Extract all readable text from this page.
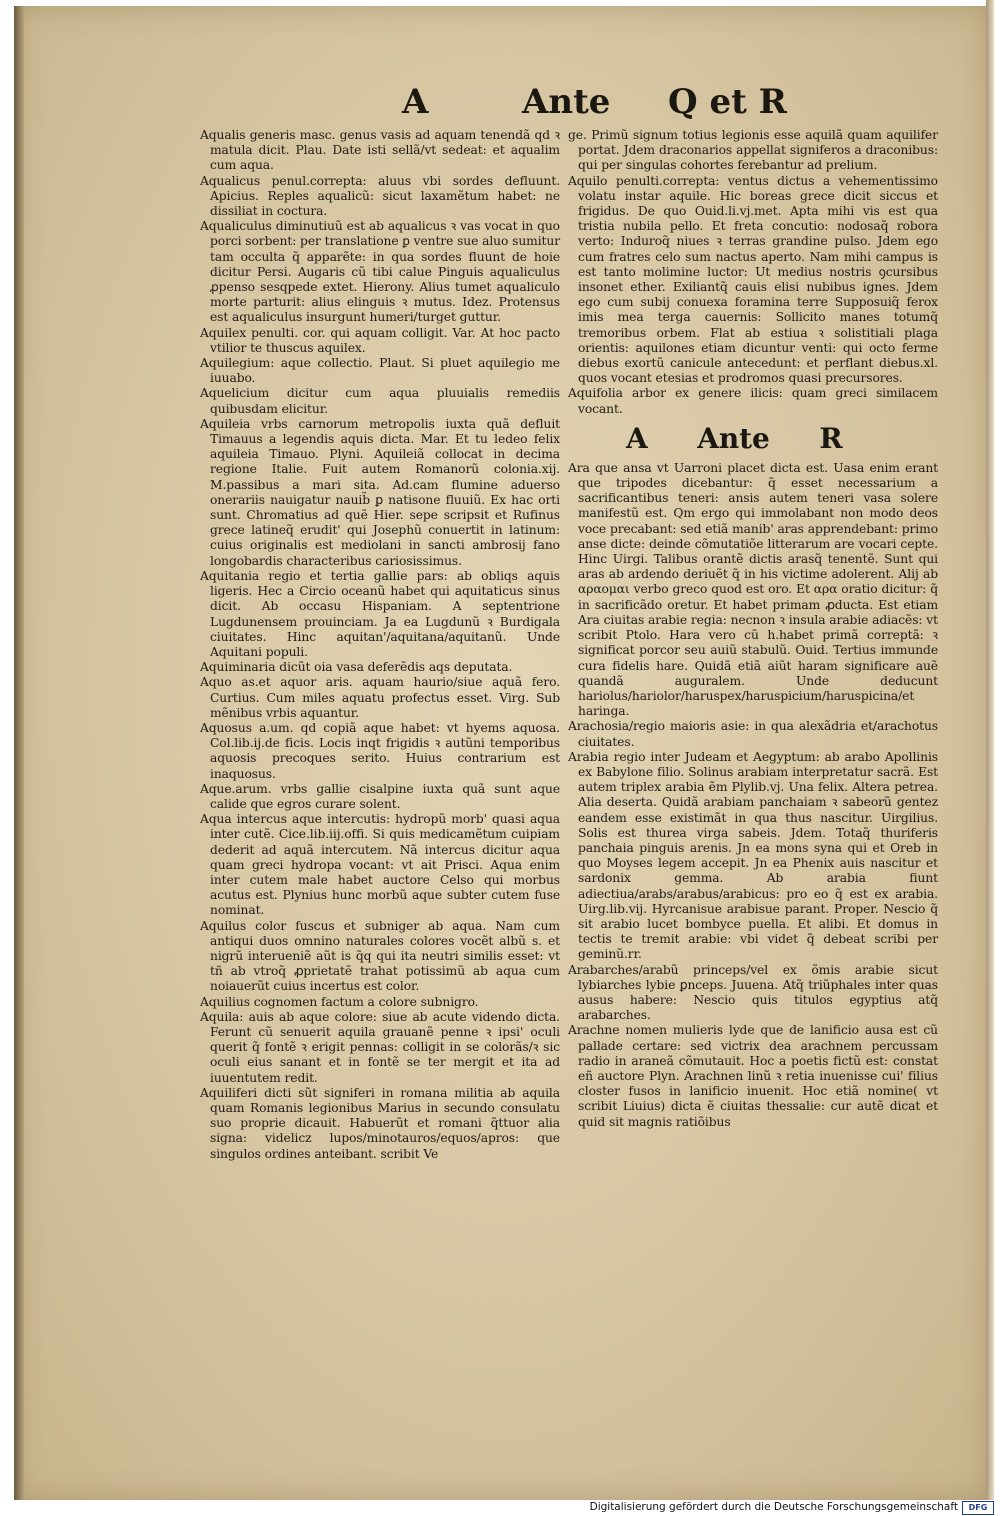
A	Ante Q et R

Aqualis generis masc. genus vasis ad aquam tenendã qd ꝛ matula dicit. Plau. Date isti sellã/vt sedeat: et aqualim cum aqua.

Aqualicus penul.correpta: aluus vbi sordes defluunt. Apicius. Reples aqualicũ: sicut laxamẽtum habet: ne dissiliat in coctura.

Aqualiculus diminutiuũ est ab aqualicus ꝛ vas vocat in quo porci sorbent: per translatione ꝑ ventre sue aluo sumitur tam occulta q̃ apparẽte: in qua sordes fluunt de hoie dicitur Persi. Augaris cũ tibi calue Pinguis aqualiculus ꝓpenso sesqpede extet. Hierony. Alius tumet aqualiculo morte parturit: alius elinguis ꝛ mutus. Idez. Protensus est aqualiculus insurgunt humeri/turget guttur.

Aquilex penulti. cor. qui aquam colligit. Var. At hoc pacto vtilior te thuscus aquilex.

Aquilegium: aque collectio. Plaut. Si pluet aquilegio me iuuabo.

Aquelicium dicitur cum aqua pluuialis remediis quibusdam elicitur.

Aquileia vrbs carnorum metropolis iuxta quã defluit Timauus a legendis aquis dicta. Mar. Et tu ledeo felix aquileia Timauo. Plyni. Aquileiã collocat in decima regione Italie. Fuit autem Romanorũ colonia.xij. M.passibus a mari sita. Ad.cam flumine aduerso onerariis nauigatur nauib̃ ꝑ natisone fluuiũ. Ex hac orti sunt. Chromatius ad quẽ Hier. sepe scripsit et Rufinus grece latineq̃ erudit' qui Josephũ conuertit in latinum: cuius originalis est mediolani in sancti ambrosij fano longobardis characteribus cariosissimus.

Aquitania regio et tertia gallie pars: ab obliqs aquis ligeris. Hec a Circio oceanũ habet qui aquitaticus sinus dicit. Ab occasu Hispaniam. A septentrione Lugdunensem prouinciam. Ja ea Lugdunũ ꝛ Burdigala ciuitates. Hinc aquitan'/aquitana/aquitanũ. Unde Aquitani populi.

Aquiminaria dicũt oia vasa deferẽdis aqs deputata.

Aquo as.et aquor aris. aquam haurio/siue aquã fero. Curtius. Cum miles aquatu profectus esset. Virg. Sub mẽnibus vrbis aquantur.

Aquosus a.um. qd copiã aque habet: vt hyems aquosa. Col.lib.ij.de ficis. Locis inqt frigidis ꝛ autũni temporibus aquosis precoques serito. Huius contrarium est inaquosus.

Aque.arum. vrbs gallie cisalpine iuxta quã sunt aque calide que egros curare solent.

Aqua intercus aque intercutis: hydropũ morb' quasi aqua inter cutẽ. Cice.lib.iij.offi. Si quis medicamẽtum cuipiam dederit ad aquã intercutem. Nã intercus dicitur aqua quam greci hydropa vocant: vt ait Prisci. Aqua enim inter cutem male habet auctore Celso qui morbus acutus est. Plynius hunc morbũ aque subter cutem fuse nominat.

Aquilus color fuscus et subniger ab aqua. Nam cum antiqui duos omnino naturales colores vocẽt albũ s. et nigrũ interueniẽ aũt is q̃q qui ita neutri similis esset: vt tñ ab vtroq̃ ꝓprietatẽ trahat potissimũ ab aqua cum noiauerũt cuius incertus est color.

Aquilius cognomen factum a colore subnigro.

Aquila: auis ab aque colore: siue ab acute videndo dicta. Ferunt cũ senuerit aquila grauanẽ penne ꝛ ipsi' oculi querit q̃ fontẽ ꝛ erigit pennas: colligit in se colorãs/ꝛ sic oculi eius sanant et in fontẽ se ter mergit et ita ad iuuentutem redit.

Aquiliferi dicti sũt signiferi in romana militia ab aquila quam Romanis legionibus Marius in secundo consulatu suo proprie dicauit. Habuerũt et romani q̃ttuor alia signa: videlicz lupos/minotauros/equos/apros: que singulos ordines anteibant. scribit Ve

ge. Primũ signum totius legionis esse aquilã quam aquilifer portat. Jdem draconarios appellat signiferos a draconibus: qui per singulas cohortes ferebantur ad prelium.

Aquilo penulti.correpta: ventus dictus a vehementissimo volatu instar aquile. Hic boreas grece dicit siccus et frigidus. De quo Ouid.li.vj.met. Apta mihi vis est qua tristia nubila pello. Et freta concutio: nodosaq̃ robora verto: Induroq̃ niues ꝛ terras grandine pulso. Jdem ego cum fratres celo sum nactus aperto. Nam mihi campus is est tanto molimine luctor: Ut medius nostris ꝯcursibus insonet ether. Exiliantq̃ cauis elisi nubibus ignes. Jdem ego cum subij conuexa foramina terre Supposuiq̃ ferox imis mea terga cauernis: Sollicito manes totumq̃ tremoribus orbem. Flat ab estiua ꝛ solistitiali plaga orientis: aquilones etiam dicuntur venti: qui octo ferme diebus exortũ canicule antecedunt: et perflant diebus.xl. quos vocant etesias et prodromos quasi precursores.

Aquifolia arbor ex genere ilicis: quam greci similacem vocant.

A Ante R

Ara que ansa vt Uarroni placet dicta est. Uasa enim erant que tripodes dicebantur: q̃ esset necessarium a sacrificantibus teneri: ansis autem teneri vasa solere manifestũ est. Qm ergo qui immolabant non modo deos voce precabant: sed etiã manib' aras apprendebant: primo anse dicte: deinde cõmutatiõe litterarum are vocari cepte. Hinc Uirgi. Talibus orantẽ dictis arasq̃ tenentẽ. Sunt qui aras ab ardendo deriuẽt q̃ in his victime adolerent. Alij ab αραομαι verbo greco quod est oro. Et αρα oratio dicitur: q̃ in sacrificãdo oretur. Et habet primam ꝓducta. Est etiam Ara ciuitas arabie regia: necnon ꝛ insula arabie adiacẽs: vt scribit Ptolo. Hara vero cũ h.habet primã correptã: ꝛ significat porcor seu auiũ stabulũ. Ouid. Tertius immunde cura fidelis hare. Quidã etiã aiũt haram significare auẽ quandã auguralem. Unde deducunt hariolus/hariolor/haruspex/haruspicium/haruspicina/et haringa.

Arachosia/regio maioris asie: in qua alexãdria et/arachotus ciuitates.

Arabia regio inter Judeam et Aegyptum: ab arabo Apollinis ex Babylone filio. Solinus arabiam interpretatur sacrã. Est autem triplex arabia ẽm Plylib.vj. Una felix. Altera petrea. Alia deserta. Quidã arabiam panchaiam ꝛ sabeorũ gentez eandem esse existimãt in qua thus nascitur. Uirgilius. Solis est thurea virga sabeis. Jdem. Totaq̃ thuriferis panchaia pinguis arenis. Jn ea mons syna qui et Oreb in quo Moyses legem accepit. Jn ea Phenix auis nascitur et sardonix gemma. Ab arabia fiunt adiectiua/arabs/arabus/arabicus: pro eo q̃ est ex arabia. Uirg.lib.vij. Hyrcanisue arabisue parant. Proper. Nescio q̃ sit arabio lucet bombyce puella. Et alibi. Et domus in tectis te tremit arabie: vbi videt q̃ debeat scribi per geminũ.rr.

Arabarches/arabũ princeps/vel ex õmis arabie sicut lybiarches lybie ꝑnceps. Juuena. Atq̃ triũphales inter quas ausus habere: Nescio quis titulos egyptius atq̃ arabarches.

Arachne nomen mulieris lyde que de lanificio ausa est cũ pallade certare: sed victrix dea arachnem percussam radio in araneã cõmutauit. Hoc a poetis fictũ est: constat eñ auctore Plyn. Arachnen linũ ꝛ retia inuenisse cui' filius closter fusos in lanificio inuenit. Hoc etiã nomine( vt scribit Liuius) dicta ẽ ciuitas thessalie: cur autẽ dicat et quid sit magnis ratiõibus

Digitalisierung gefördert durch die Deutsche Forschungsgemeinschaft	DFG
